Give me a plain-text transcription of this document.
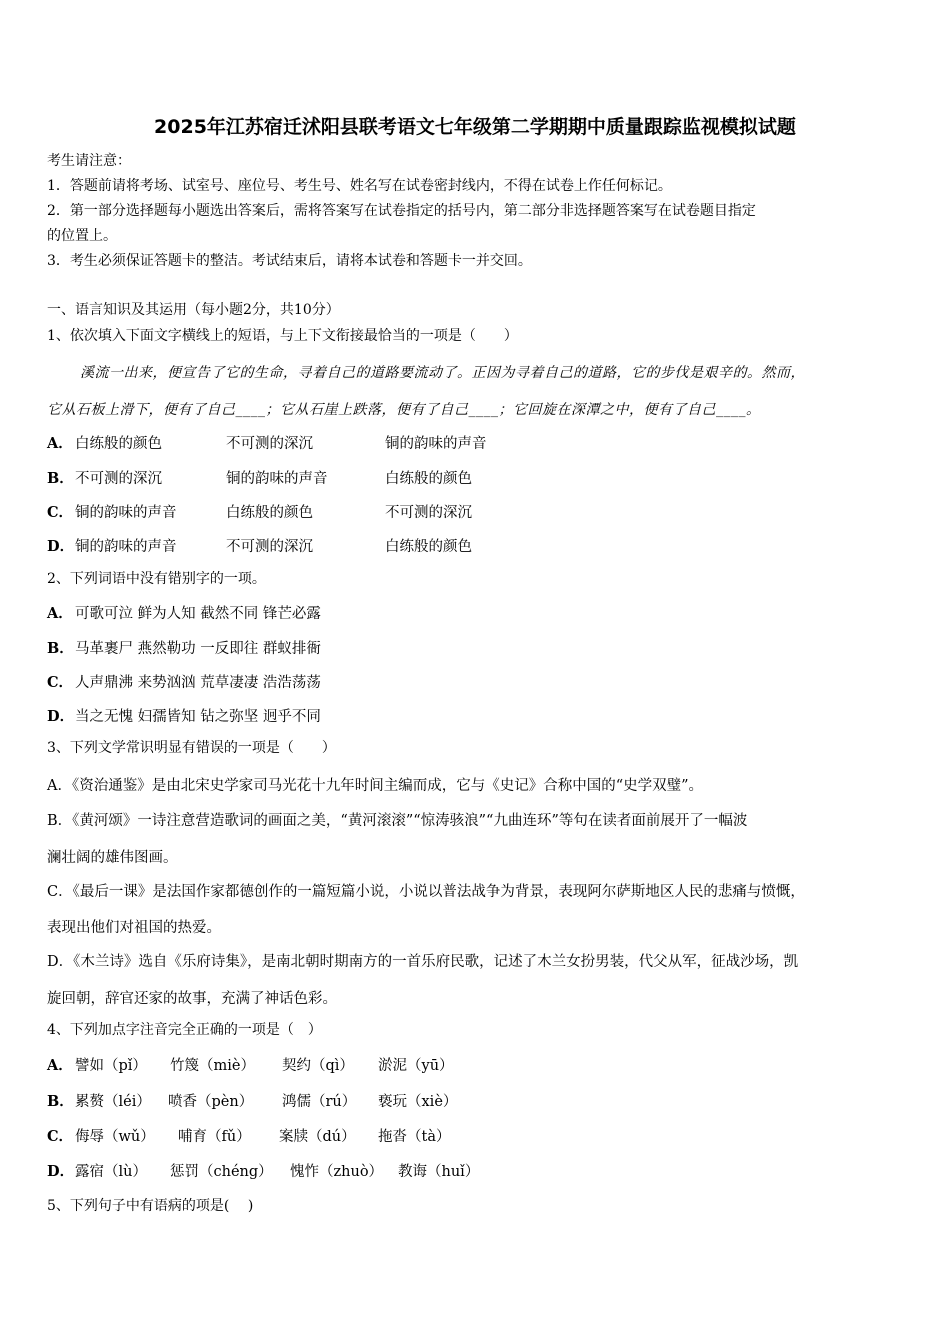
2025年江苏宿迁沭阳县联考语文七年级第二学期期中质量跟踪监视模拟试题
考生请注意：
1．答题前请将考场、试室号、座位号、考生号、姓名写在试卷密封线内，不得在试卷上作任何标记。
2．第一部分选择题每小题选出答案后，需将答案写在试卷指定的括号内，第二部分非选择题答案写在试卷题目指定
的位置上。
3．考生必须保证答题卡的整洁。考试结束后，请将本试卷和答题卡一并交回。
一、语言知识及其运用（每小题2分，共10分）
1、依次填入下面文字横线上的短语，与上下文衔接最恰当的一项是（　　）
溪流一出来，便宣告了它的生命，寻着自己的道路要流动了。正因为寻着自己的道路，它的步伐是艰辛的。然而，
它从石板上滑下，便有了自己____；它从石崖上跌落，便有了自己____；它回旋在深潭之中，便有了自己____。
A． 白练般的颜色	不可测的深沉	铜的韵味的声音
B． 不可测的深沉	铜的韵味的声音	白练般的颜色
C． 铜的韵味的声音	白练般的颜色	不可测的深沉
D． 铜的韵味的声音	不可测的深沉	白练般的颜色
2、下列词语中没有错别字的一项。
A． 可歌可泣 鲜为人知 截然不同 锋芒必露
B．马革裹尸 燕然勒功 一反即往 群蚁排衙
C． 人声鼎沸 来势汹汹 荒草凄凄 浩浩荡荡
D．当之无愧 妇孺皆知 钻之弥坚 迥乎不同
3、下列文学常识明显有错误的一项是（　　）
A．《资治通鉴》是由北宋史学家司马光花十九年时间主编而成，它与《史记》合称中国的“史学双璧”。
B．《黄河颂》一诗注意营造歌词的画面之美，“黄河滚滚”“惊涛骇浪”“九曲连环”等句在读者面前展开了一幅波
澜壮阔的雄伟图画。
C．《最后一课》是法国作家都德创作的一篇短篇小说，小说以普法战争为背景，表现阿尔萨斯地区人民的悲痛与愤慨，
表现出他们对祖国的热爱。
D．《木兰诗》选自《乐府诗集》，是南北朝时期南方的一首乐府民歌，记述了木兰女扮男装，代父从军，征战沙场，凯
旋回朝，辞官还家的故事，充满了神话色彩。
4、下列加点字注音完全正确的一项是（　）
A． 譬如（pǐ） 竹篾（miè） 契约（qì） 淤泥（yū）
B． 累赘（léi） 喷香（pèn） 鸿儒（rú） 亵玩（xiè）
C． 侮辱（wǔ） 哺育（fǔ） 案牍（dú） 拖沓（tà）
D． 露宿（lù） 惩罚（chéng） 愧怍（zhuò） 教诲（huǐ）
5、下列句子中有语病的项是(　 )
